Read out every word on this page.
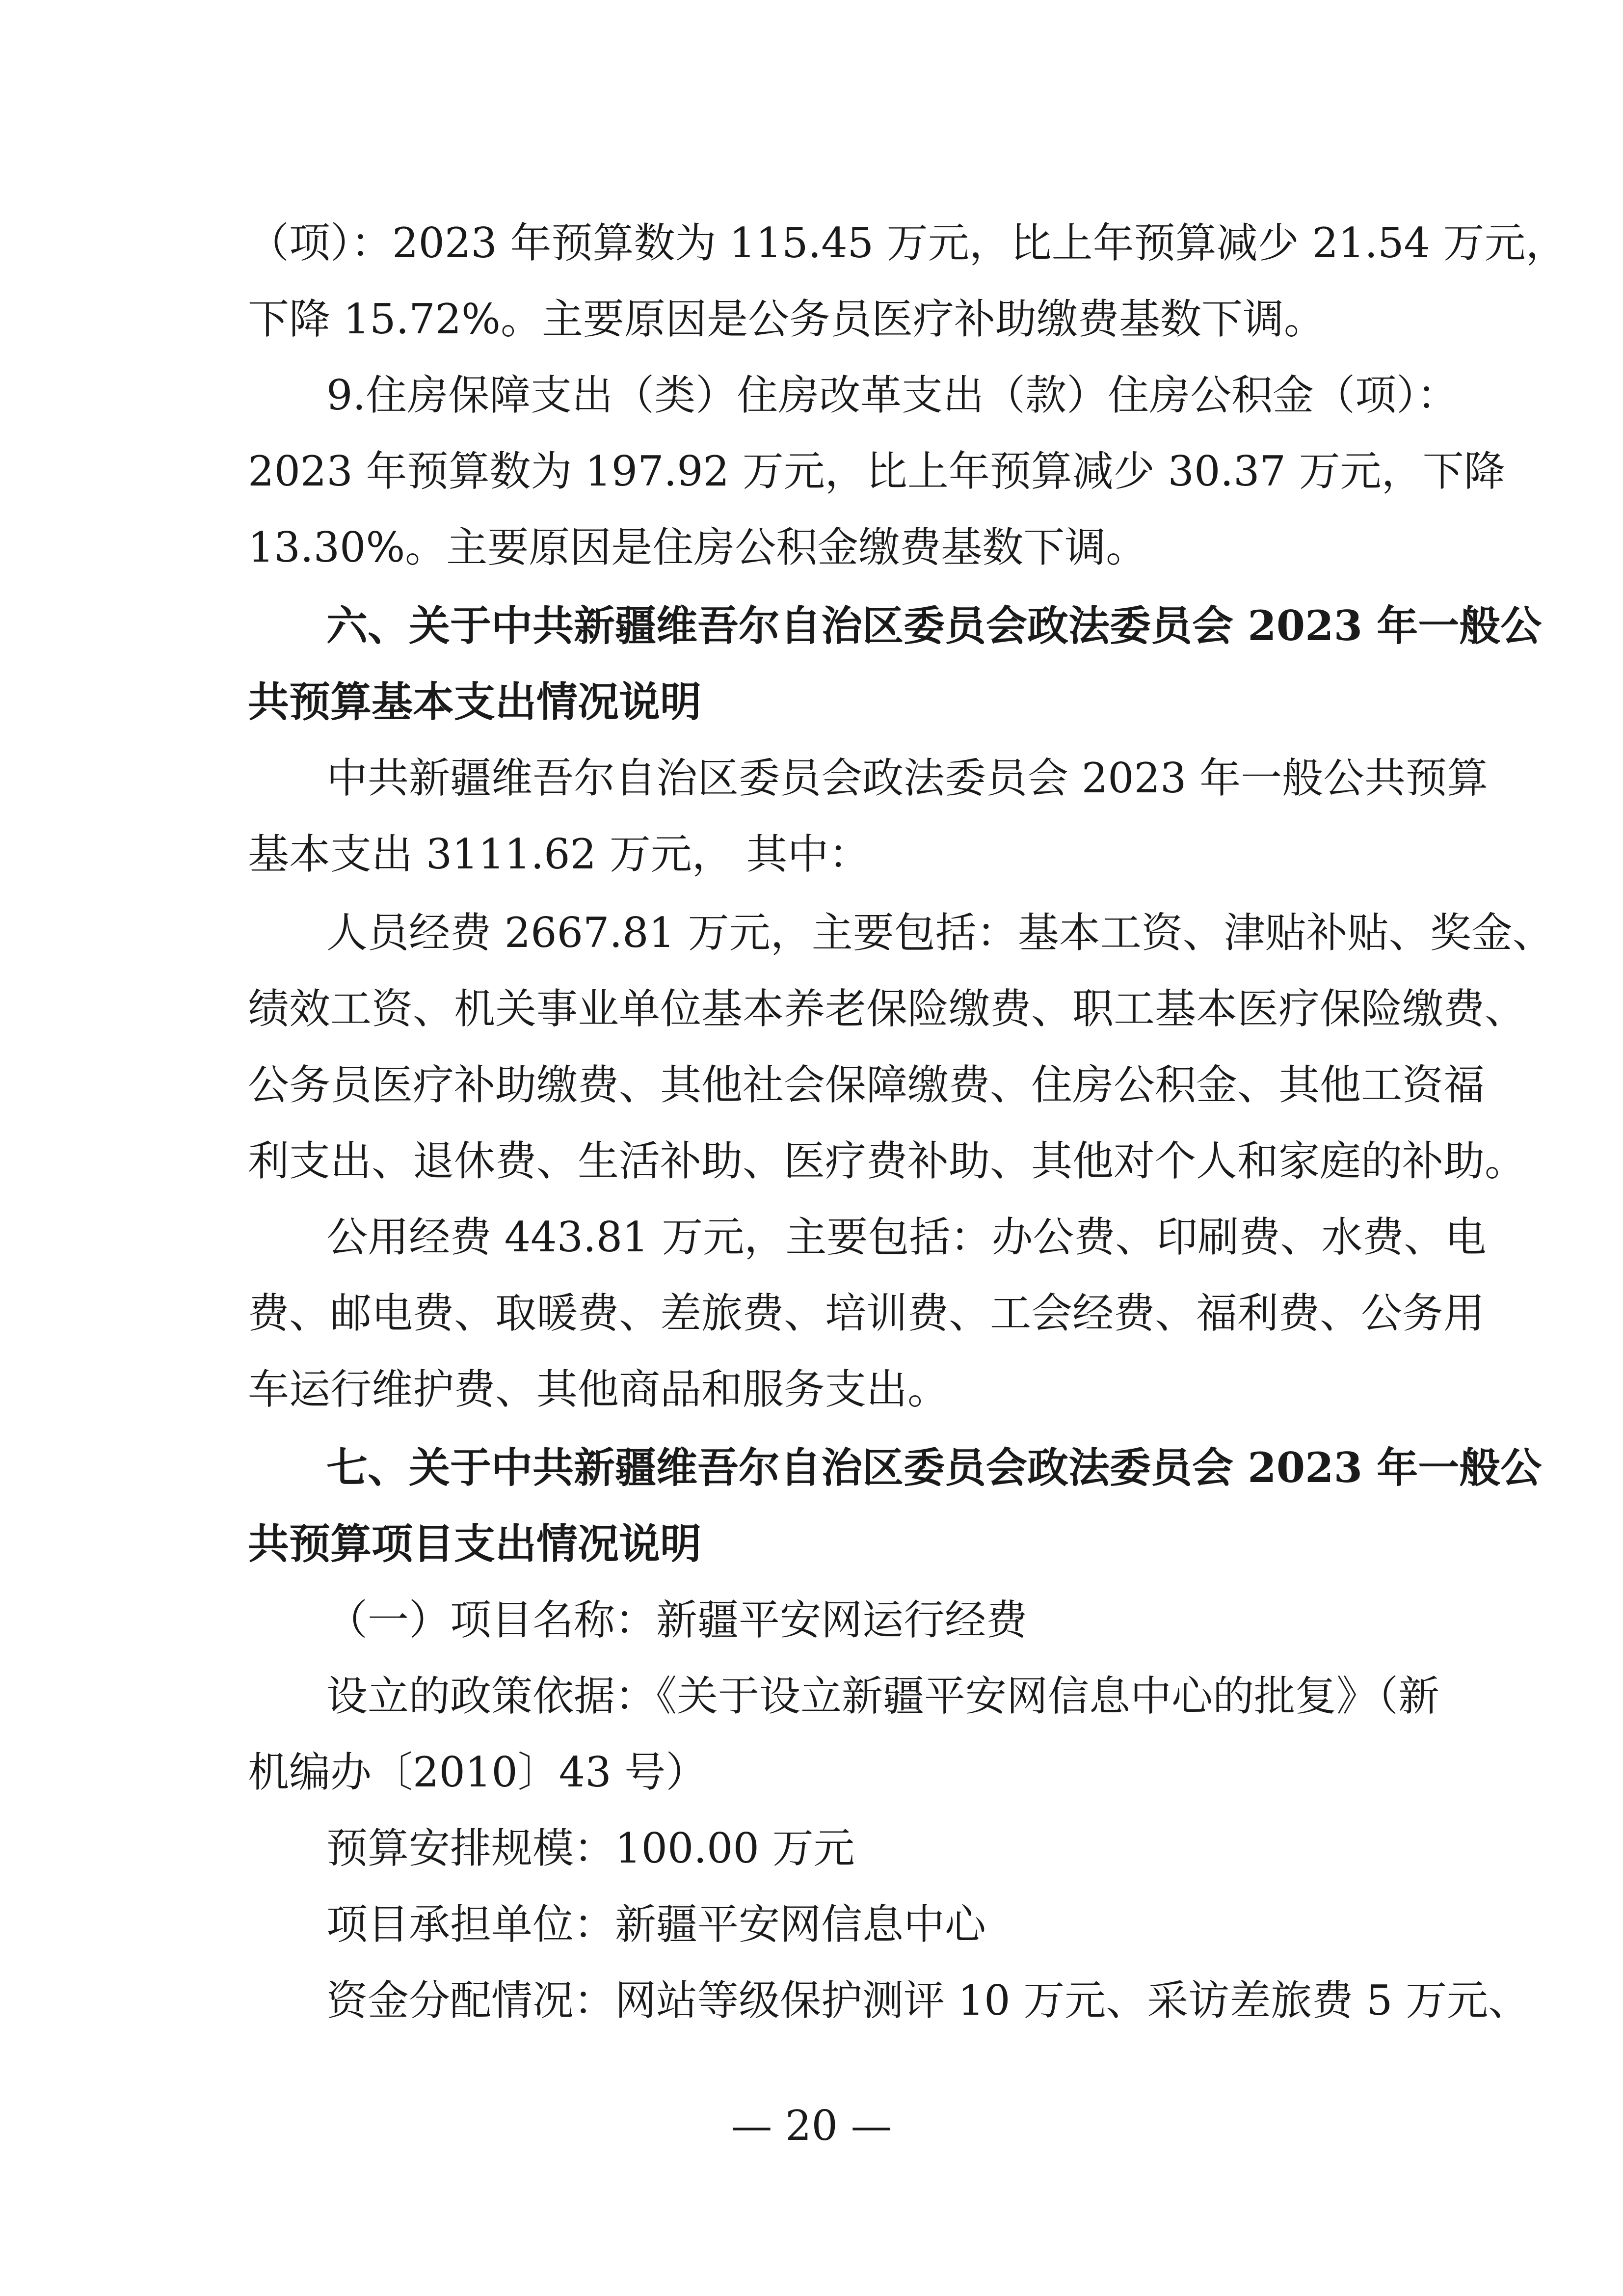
（项）：2023 年预算数为 115.45 万元，比上年预算减少 21.54 万元，
下降 15.72%。主要原因是公务员医疗补助缴费基数下调。
9.住房保障支出（类）住房改革支出（款）住房公积金（项）：
2023 年预算数为 197.92 万元，比上年预算减少 30.37 万元，下降
13.30%。主要原因是住房公积金缴费基数下调。
六、关于中共新疆维吾尔自治区委员会政法委员会 2023 年一般公
共预算基本支出情况说明
中共新疆维吾尔自治区委员会政法委员会 2023 年一般公共预算
基本支出 3111.62 万元， 其中：
人员经费 2667.81 万元，主要包括：基本工资、津贴补贴、奖金、
绩效工资、机关事业单位基本养老保险缴费、职工基本医疗保险缴费、
公务员医疗补助缴费、其他社会保障缴费、住房公积金、其他工资福
利支出、退休费、生活补助、医疗费补助、其他对个人和家庭的补助。
公用经费 443.81 万元，主要包括：办公费、印刷费、水费、电
费、邮电费、取暖费、差旅费、培训费、工会经费、福利费、公务用
车运行维护费、其他商品和服务支出。
七、关于中共新疆维吾尔自治区委员会政法委员会 2023 年一般公
共预算项目支出情况说明
（一）项目名称：新疆平安网运行经费
设立的政策依据：《关于设立新疆平安网信息中心的批复》（新
机编办〔2010〕43 号）
预算安排规模：100.00 万元
项目承担单位：新疆平安网信息中心
资金分配情况：网站等级保护测评 10 万元、采访差旅费 5 万元、
— 20 —
